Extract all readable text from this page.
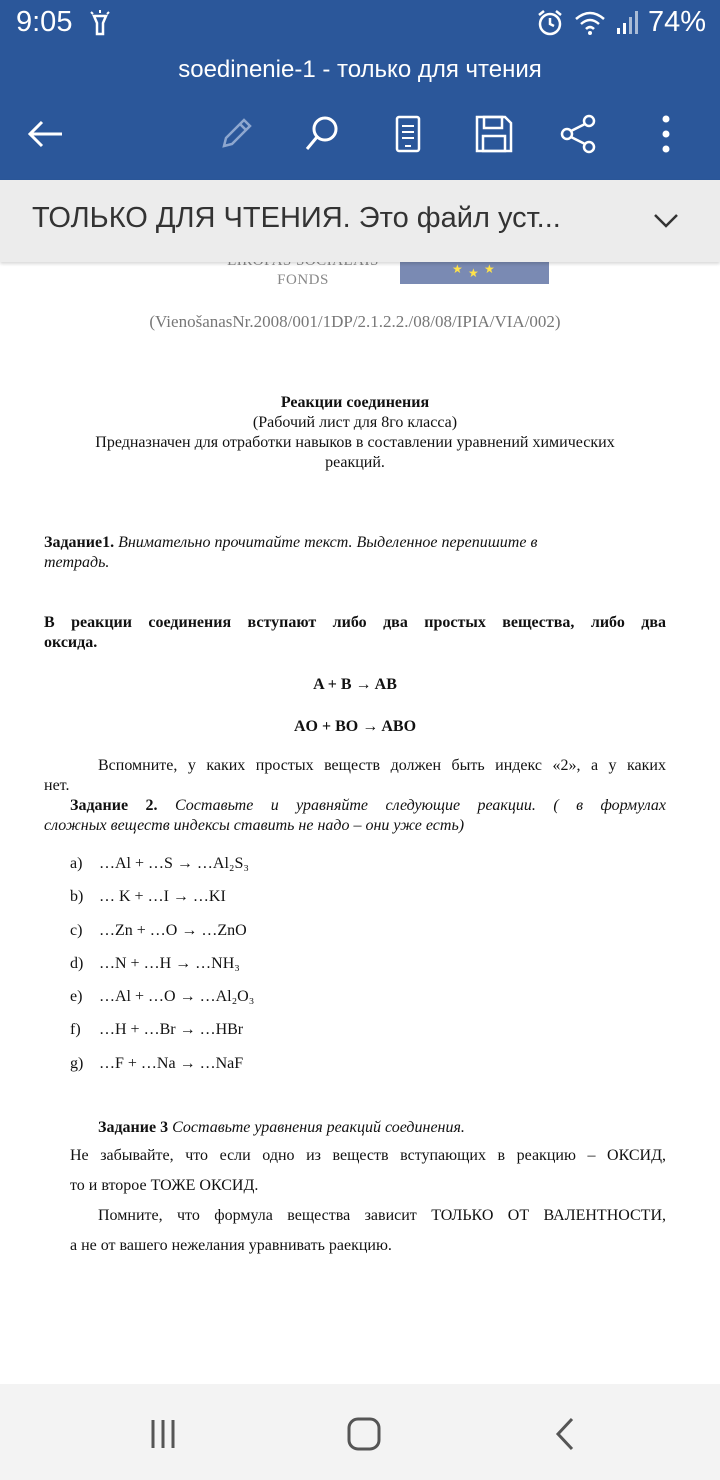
9:05	74%
soedinenie-1 - только для чтения
ТОЛЬКО ДЛЯ ЧТЕНИЯ. Это файл уст...
FONDS
★ ★ ★
(VienošanasNr.2008/001/1DP/2.1.2.2./08/08/IPIA/VIA/002)
Реакции соединения
(Рабочий лист для 8го класса)
Предназначен для отработки навыков в составлении уравнений химических
реакций.
Задание1. Внимательно прочитайте текст. Выделенное перепишите в
тетрадь.
В реакции соединения вступают либо два простых вещества, либо два
оксида.
A + B → AB
AO + BO → ABO
Вспомните, у каких простых веществ должен быть индекс «2», а у каких
нет.
Задание 2. Составьте и уравняйте следующие реакции. ( в формулах
сложных веществ индексы ставить не надо – они уже есть)
a)	…Al + …S → …Al₂S₃
b) … K + …I → …KI
c)	…Zn + …O → …ZnO
d) …N + …H → …NH₃
e)	…Al + …O → …Al₂O₃
f)	…H + …Br → …HBr
g) …F + …Na → …NaF
Задание 3 Составьте уравнения реакций соединения.
Не забывайте, что если одно из веществ вступающих в реакцию – ОКСИД,
то и второе ТОЖЕ ОКСИД.
Помните, что формула вещества зависит ТОЛЬКО ОТ ВАЛЕНТНОСТИ,
а не от вашего нежелания уравнивать раекцию.
